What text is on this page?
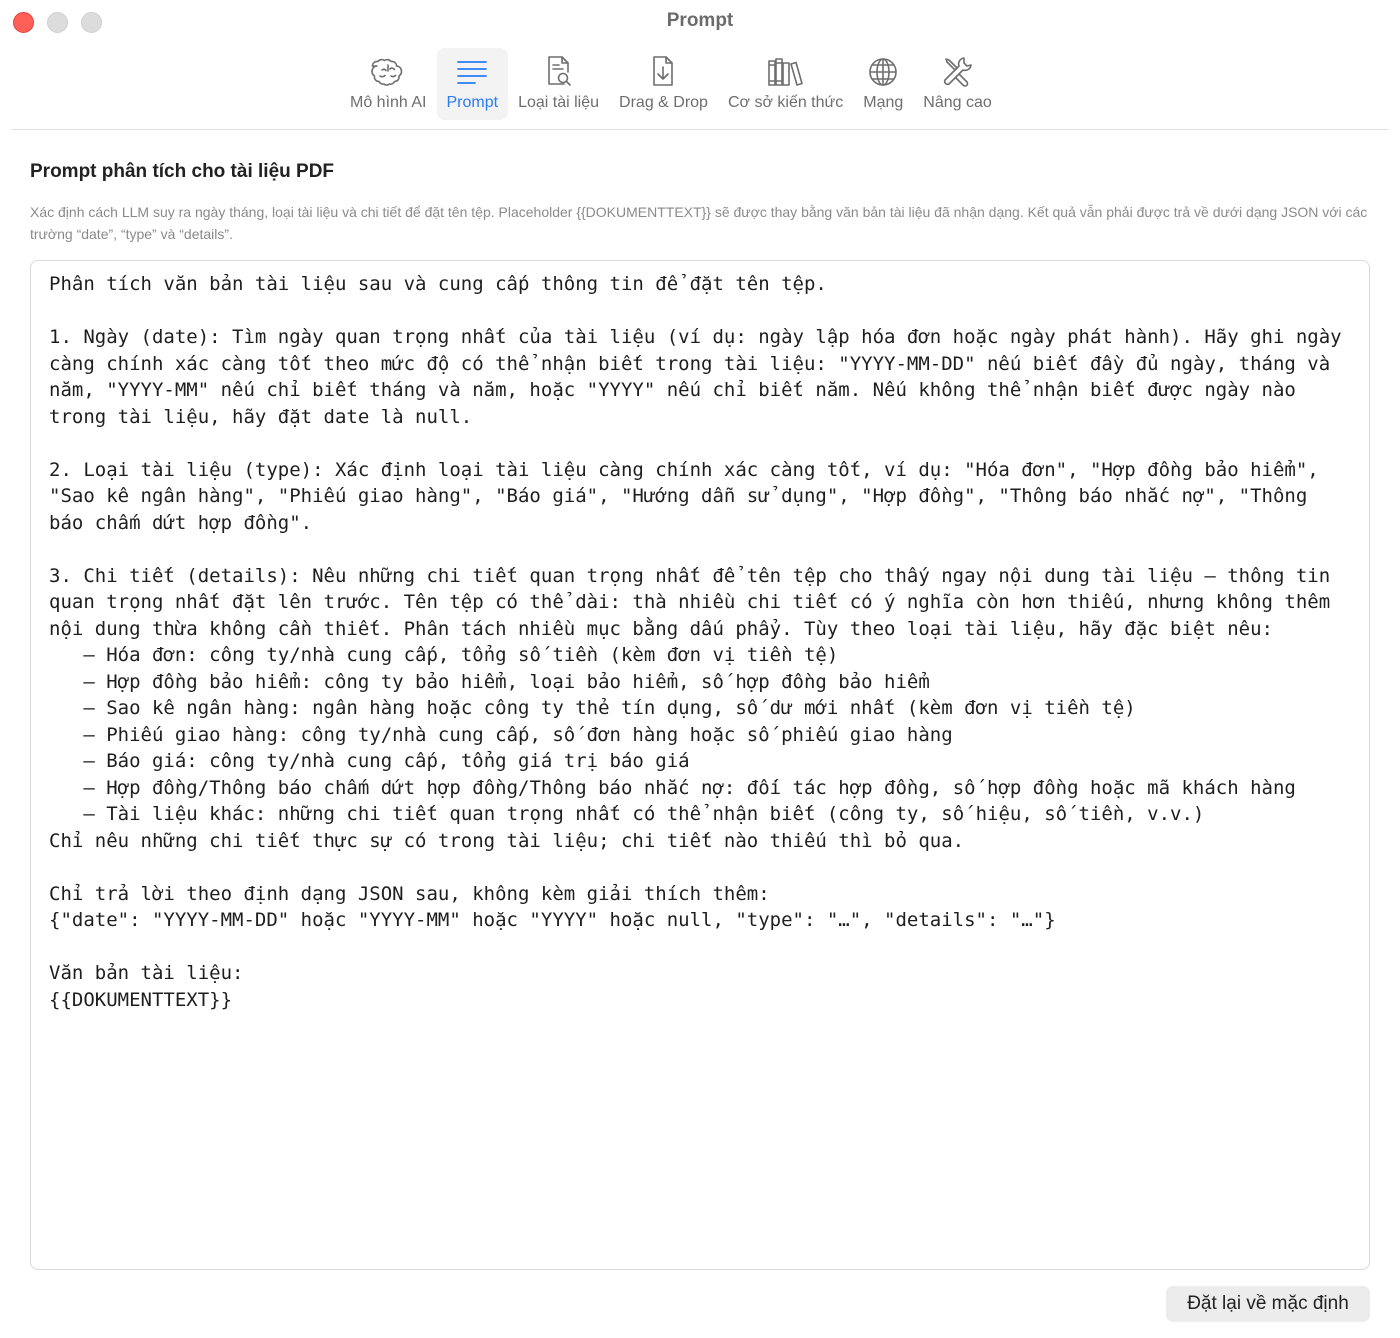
Prompt
Mô hình AI Prompt Loại tài liệu Drag & Drop Cơ sở kiến thức Mạng Nâng cao
Prompt phân tích cho tài liệu PDF
Xác định cách LLM suy ra ngày tháng, loại tài liệu và chi tiết để đặt tên tệp. Placeholder {{DOKUMENTTEXT}} sẽ được thay bằng văn bản tài liệu đã nhận dạng. Kết quả vẫn phải được trả về dưới dạng JSON với các trường “date”, “type” và “details”.
Phân tích văn bản tài liệu sau và cung cấp thông tin để đặt tên tệp. 1. Ngày (date): Tìm ngày quan trọng nhất của tài liệu (ví dụ: ngày lập hóa đơn hoặc ngày phát hành). Hãy ghi ngày càng chính xác càng tốt theo mức độ có thể nhận biết trong tài liệu: "YYYY-MM-DD" nếu biết đầy đủ ngày, tháng và năm, "YYYY-MM" nếu chỉ biết tháng và năm, hoặc "YYYY" nếu chỉ biết năm. Nếu không thể nhận biết được ngày nào trong tài liệu, hãy đặt date là null. 2. Loại tài liệu (type): Xác định loại tài liệu càng chính xác càng tốt, ví dụ: "Hóa đơn", "Hợp đồng bảo hiểm", "Sao kê ngân hàng", "Phiếu giao hàng", "Báo giá", "Hướng dẫn sử dụng", "Hợp đồng", "Thông báo nhắc nợ", "Thông báo chấm dứt hợp đồng". 3. Chi tiết (details): Nêu những chi tiết quan trọng nhất để tên tệp cho thấy ngay nội dung tài liệu – thông tin quan trọng nhất đặt lên trước. Tên tệp có thể dài: thà nhiều chi tiết có ý nghĩa còn hơn thiếu, nhưng không thêm nội dung thừa không cần thiết. Phân tách nhiều mục bằng dấu phẩy. Tùy theo loại tài liệu, hãy đặc biệt nêu: – Hóa đơn: công ty/nhà cung cấp, tổng số tiền (kèm đơn vị tiền tệ) – Hợp đồng bảo hiểm: công ty bảo hiểm, loại bảo hiểm, số hợp đồng bảo hiểm – Sao kê ngân hàng: ngân hàng hoặc công ty thẻ tín dụng, số dư mới nhất (kèm đơn vị tiền tệ) – Phiếu giao hàng: công ty/nhà cung cấp, số đơn hàng hoặc số phiếu giao hàng – Báo giá: công ty/nhà cung cấp, tổng giá trị báo giá – Hợp đồng/Thông báo chấm dứt hợp đồng/Thông báo nhắc nợ: đối tác hợp đồng, số hợp đồng hoặc mã khách hàng – Tài liệu khác: những chi tiết quan trọng nhất có thể nhận biết (công ty, số hiệu, số tiền, v.v.) Chỉ nêu những chi tiết thực sự có trong tài liệu; chi tiết nào thiếu thì bỏ qua. Chỉ trả lời theo định dạng JSON sau, không kèm giải thích thêm: {"date": "YYYY-MM-DD" hoặc "YYYY-MM" hoặc "YYYY" hoặc null, "type": "…", "details": "…"} Văn bản tài liệu: {{DOKUMENTTEXT}}
Đặt lại về mặc định
